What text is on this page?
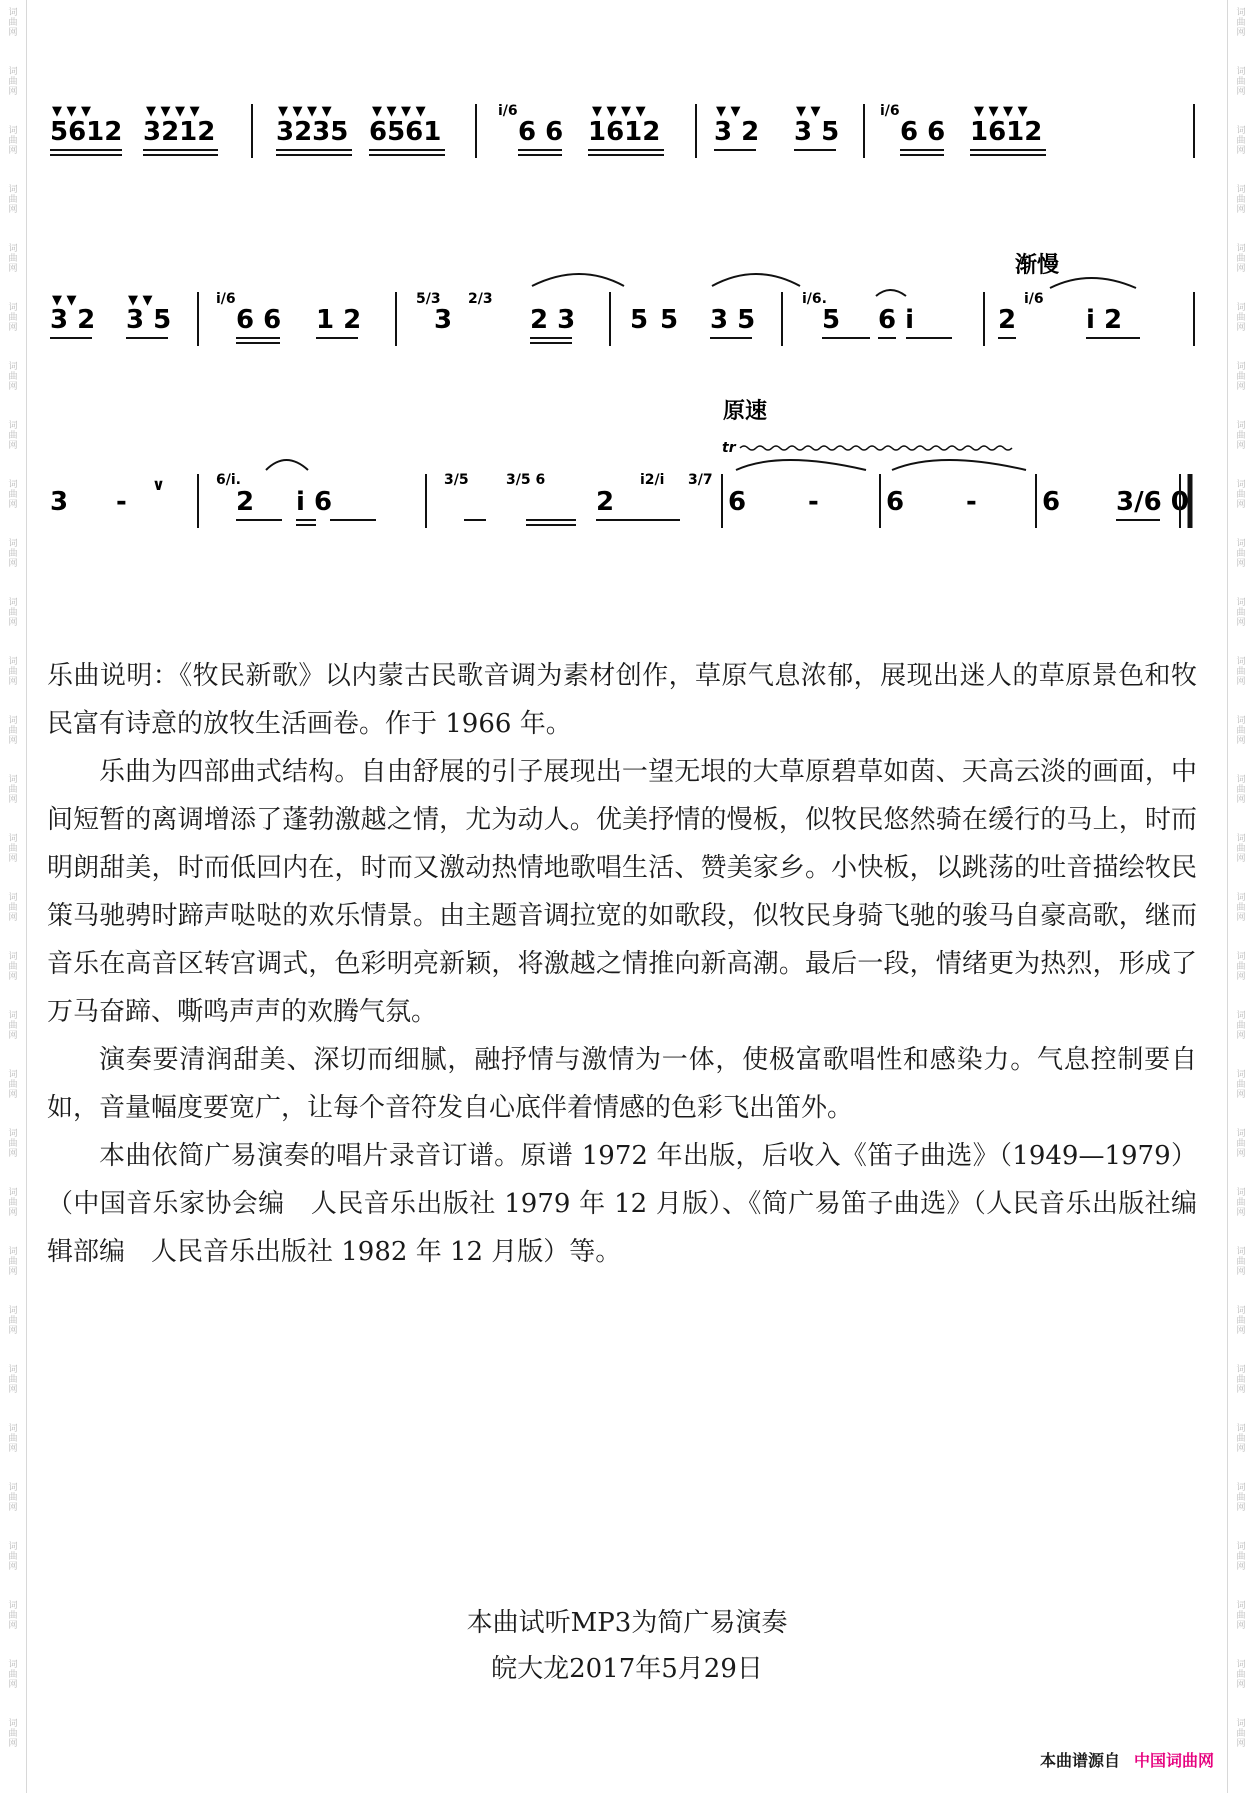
词
曲
网
词
曲
网
词
曲
网
词
曲
网
词
曲
网
词
曲
网
词
曲
网
词
曲
网
词
曲
网
词
曲
网
词
曲
网
词
曲
网
词
曲
网
词
曲
网
词
曲
网
词
曲
网
词
曲
网
词
曲
网
词
曲
网
词
曲
网
词
曲
网
词
曲
网
词
曲
网
词
曲
网
词
曲
网
词
曲
网
词
曲
网
词
曲
网
词
曲
网
词
曲
网
词
曲
网
词
曲
网
词
曲
网
词
曲
网
词
曲
网
词
曲
网
词
曲
网
词
曲
网
词
曲
网
词
曲
网
词
曲
网
词
曲
网
词
曲
网
词
曲
网
词
曲
网
词
曲
网
词
曲
网
词
曲
网
词
曲
网
词
曲
网
词
曲
网
词
曲
网
词
曲
网
词
曲
网
词
曲
网
词
曲
网
词
曲
网
词
曲
网
词
曲
网
词
曲
网
5612 3212
▼ ▼ ▼	▼ ▼ ▼ ▼
3235 6561
▼ ▼ ▼ ▼	▼ ▼ ▼ ▼	i/6
6 6 1612
▼ ▼ ▼ ▼
3 2 3 5
▼ ▼	▼ ▼	i/6
6 6 1612
▼ ▼ ▼ ▼
渐慢
3 2 3 5
▼ ▼	▼ ▼	i/6
6 6 1 2
5/3
3
2/3
2 3 5 5 3 5
i/6.
5 6 i	2
i/6
i 2
原速
tr
3 -
∨	6/i.
2 i 6
3/5	3/5 6
2
i2/i 3/7
6 -	6 -	6 3/6 0

乐曲说明：《牧民新歌》以内蒙古民歌音调为素材创作，草原气息浓郁，展现出迷人的草原景色和牧民富有诗意的放牧生活画卷。作于 1966 年。

乐曲为四部曲式结构。自由舒展的引子展现出一望无垠的大草原碧草如茵、天高云淡的画面，中间短暂的离调增添了蓬勃激越之情，尤为动人。优美抒情的慢板，似牧民悠然骑在缓行的马上，时而明朗甜美，时而低回内在，时而又激动热情地歌唱生活、赞美家乡。小快板，以跳荡的吐音描绘牧民策马驰骋时蹄声哒哒的欢乐情景。由主题音调拉宽的如歌段，似牧民身骑飞驰的骏马自豪高歌，继而音乐在高音区转宫调式，色彩明亮新颖，将激越之情推向新高潮。最后一段，情绪更为热烈，形成了万马奋蹄、嘶鸣声声的欢腾气氛。

演奏要清润甜美、深切而细腻，融抒情与激情为一体，使极富歌唱性和感染力。气息控制要自如，音量幅度要宽广，让每个音符发自心底伴着情感的色彩飞出笛外。

本曲依简广易演奏的唱片录音订谱。原谱 1972 年出版，后收入《笛子曲选》（1949—1979）（中国音乐家协会编　人民音乐出版社 1979 年 12 月版）、《简广易笛子曲选》（人民音乐出版社编辑部编　人民音乐出版社 1982 年 12 月版）等。

本曲试听MP3为简广易演奏
皖大龙2017年5月29日
本曲谱源自 中国词曲网
